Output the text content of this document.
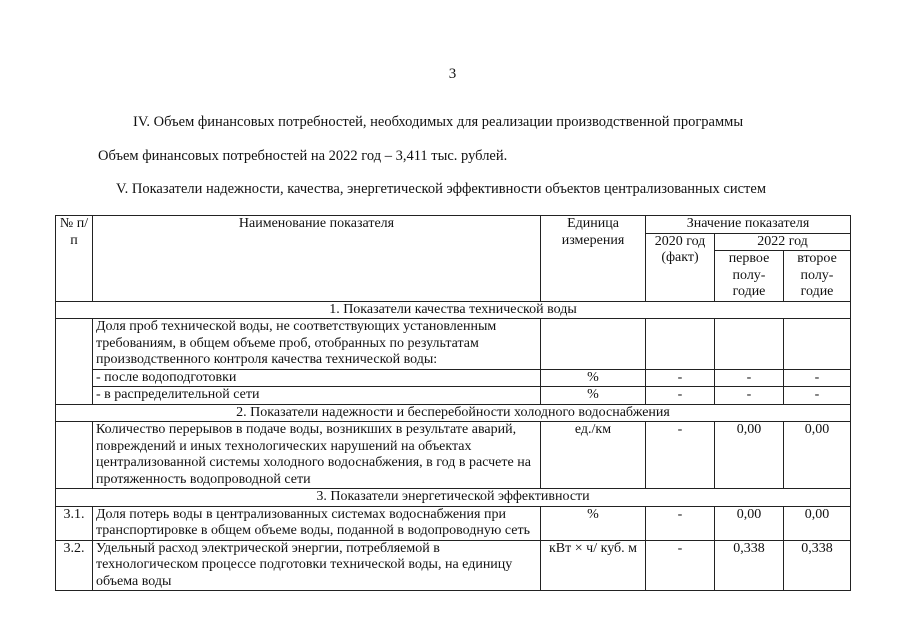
3
IV. Объем финансовых потребностей, необходимых для реализации производственной программы
Объем финансовых потребностей на 2022 год – 3,411 тыс. рублей.
V. Показатели надежности, качества, энергетической эффективности объектов централизованных систем
№ п/п	Наименование показателя	Единица измерения	Значение показателя		
			2020 год (факт)	2022 год	
				первое полу-годие	второе полу-годие
1. Показатели качества технической воды					
	Доля проб технической воды, не соответствующих установленным требованиям, в общем объеме проб, отобранных по результатам производственного контроля качества технической воды:				
	- после водоподготовки	%	-	-	-
	- в распределительной сети	%	-	-	-
2. Показатели надежности и бесперебойности холодного водоснабжения					
	Количество перерывов в подаче воды, возникших в результате аварий, повреждений и иных технологических нарушений на объектах централизованной системы холодного водоснабжения, в год в расчете на протяженность водопроводной сети	ед./км	-	0,00	0,00
3. Показатели энергетической эффективности					
3.1.	Доля потерь воды в централизованных системах водоснабжения при транспортировке в общем объеме воды, поданной в водопроводную сеть	%	-	0,00	0,00
3.2.	Удельный расход электрической энергии, потребляемой в технологическом процессе подготовки технической воды, на единицу объема воды	кВт × ч/ куб. м	-	0,338	0,338
